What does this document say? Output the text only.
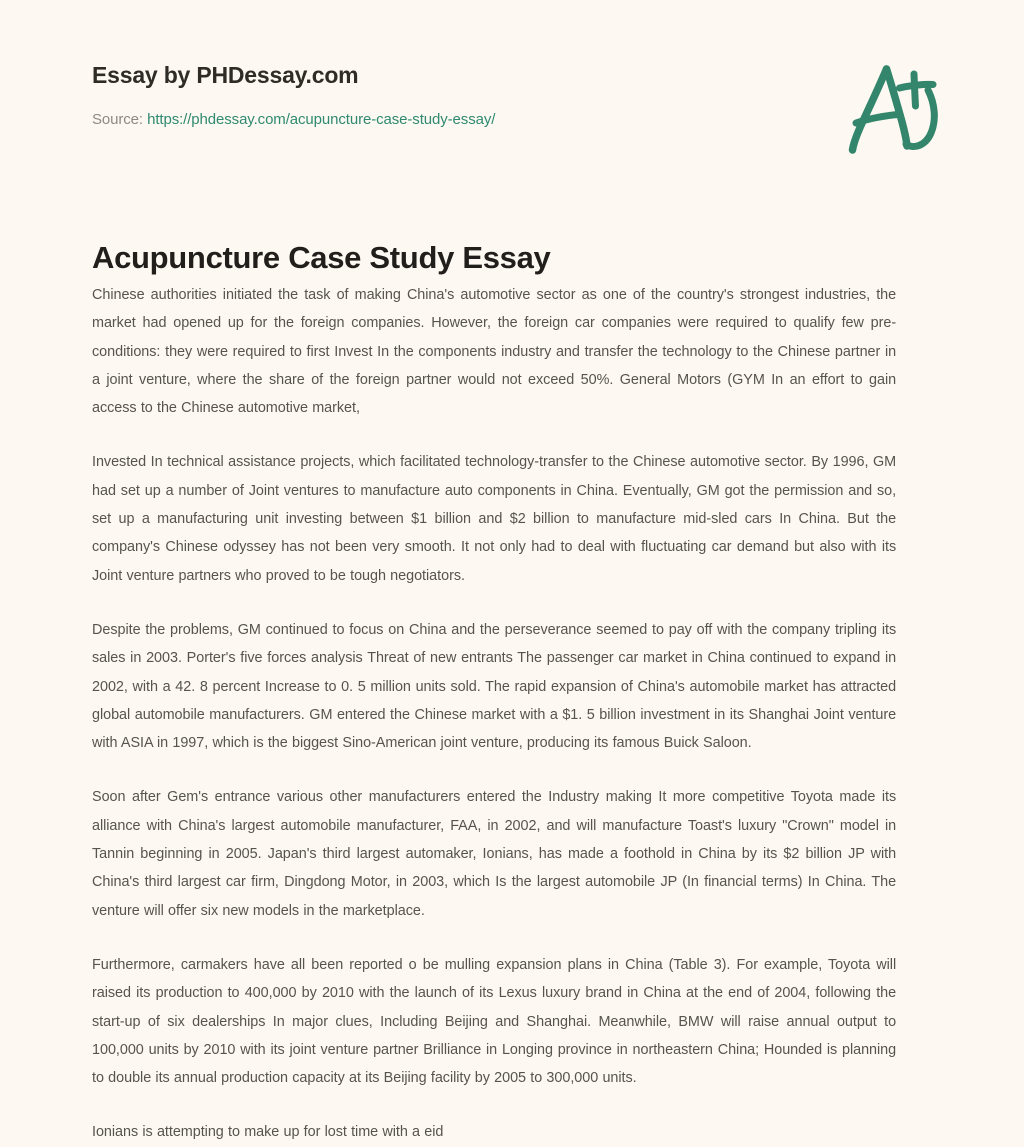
Essay by PHDessay.com
Source: https://phdessay.com/acupuncture-case-study-essay/
Acupuncture Case Study Essay

Chinese authorities initiated the task of making China's automotive sector as one of the country's strongest industries, the market had opened up for the foreign companies. However, the foreign car companies were required to qualify few pre-conditions: they were required to first Invest In the components industry and transfer the technology to the Chinese partner in a joint venture, where the share of the foreign partner would not exceed 50%. General Motors (GYM In an effort to gain access to the Chinese automotive market,

Invested In technical assistance projects, which facilitated technology-transfer to the Chinese automotive sector. By 1996, GM had set up a number of Joint ventures to manufacture auto components in China. Eventually, GM got the permission and so, set up a manufacturing unit investing between $1 billion and $2 billion to manufacture mid-sled cars In China. But the company's Chinese odyssey has not been very smooth. It not only had to deal with fluctuating car demand but also with its Joint venture partners who proved to be tough negotiators.

Despite the problems, GM continued to focus on China and the perseverance seemed to pay off with the company tripling its sales in 2003. Porter's five forces analysis Threat of new entrants The passenger car market in China continued to expand in 2002, with a 42. 8 percent Increase to 0. 5 million units sold. The rapid expansion of China's automobile market has attracted global automobile manufacturers. GM entered the Chinese market with a $1. 5 billion investment in its Shanghai Joint venture with ASIA in 1997, which is the biggest Sino-American joint venture, producing its famous Buick Saloon.

Soon after Gem's entrance various other manufacturers entered the Industry making It more competitive Toyota made its alliance with China's largest automobile manufacturer, FAA, in 2002, and will manufacture Toast's luxury "Crown" model in Tannin beginning in 2005. Japan's third largest automaker, Ionians, has made a foothold in China by its $2 billion JP with China's third largest car firm, Dingdong Motor, in 2003, which Is the largest automobile JP (In financial terms) In China. The venture will offer six new models in the marketplace.

Furthermore, carmakers have all been reported o be mulling expansion plans in China (Table 3). For example, Toyota will raised its production to 400,000 by 2010 with the launch of its Lexus luxury brand in China at the end of 2004, following the start-up of six dealerships In major clues, Including Beijing and Shanghai. Meanwhile, BMW will raise annual output to 100,000 units by 2010 with its joint venture partner Brilliance in Longing province in northeastern China; Hounded is planning to double its annual production capacity at its Beijing facility by 2005 to 300,000 units.

Ionians is attempting to make up for lost time with a eid
